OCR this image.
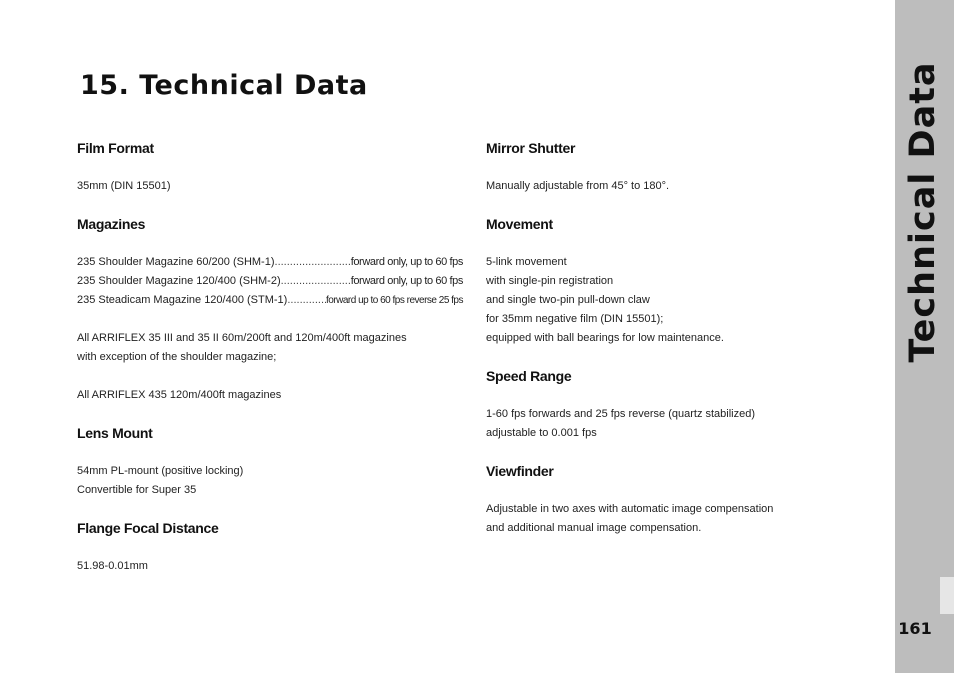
Technical Data
161
15. Technical Data
Film Format
35mm (DIN 15501)
Magazines
235 Shoulder Magazine 60/200 (SHM-1) .....	forward only, up to 60 fps
235 Shoulder Magazine 120/400 (SHM-2) .....	forward only, up to 60 fps
235 Steadicam Magazine 120/400 (STM-1) .....	forward up to 60 fps reverse 25 fps
All ARRIFLEX 35 III and 35 II 60m/200ft and 120m/400ft magazines
with exception of the shoulder magazine;
All ARRIFLEX 435 120m/400ft magazines
Lens Mount
54mm PL-mount (positive locking)
Convertible for Super 35
Flange Focal Distance
51.98-0.01mm
Mirror Shutter
Manually adjustable from 45° to 180°.
Movement
5-link movement
with single-pin registration
and single two-pin pull-down claw
for 35mm negative film (DIN 15501);
equipped with ball bearings for low maintenance.
Speed Range
1-60 fps forwards and 25 fps reverse (quartz stabilized)
adjustable to 0.001 fps
Viewfinder
Adjustable in two axes with automatic image compensation
and additional manual image compensation.
